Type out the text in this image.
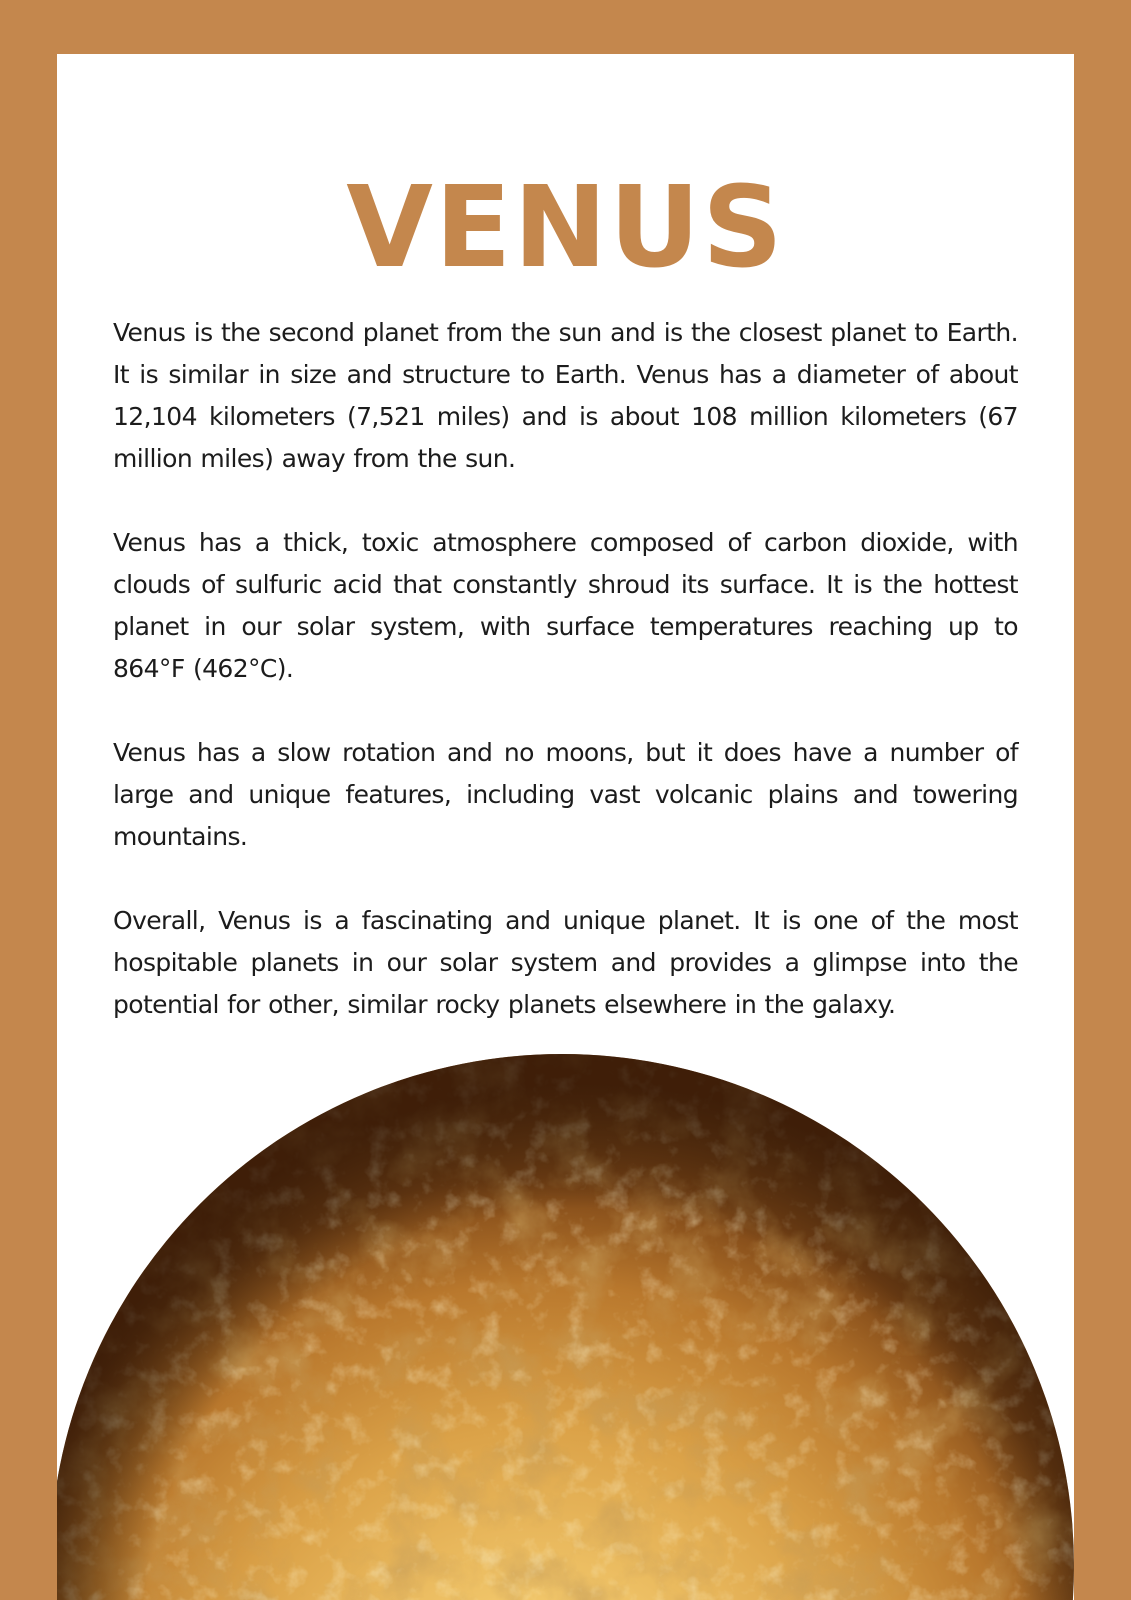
VENUS

Venus is the second planet from the sun and is the closest planet to Earth. It is similar in size and structure to Earth. Venus has a diameter of about 12,104 kilometers (7,521 miles) and is about 108 million kilometers (67 million miles) away from the sun.

Venus has a thick, toxic atmosphere composed of carbon dioxide, with clouds of sulfuric acid that constantly shroud its surface. It is the hottest planet in our solar system, with surface temperatures reaching up to 864°F (462°C).

Venus has a slow rotation and no moons, but it does have a number of large and unique features, including vast volcanic plains and towering mountains.

Overall, Venus is a fascinating and unique planet. It is one of the most hospitable planets in our solar system and provides a glimpse into the potential for other, similar rocky planets elsewhere in the galaxy.
